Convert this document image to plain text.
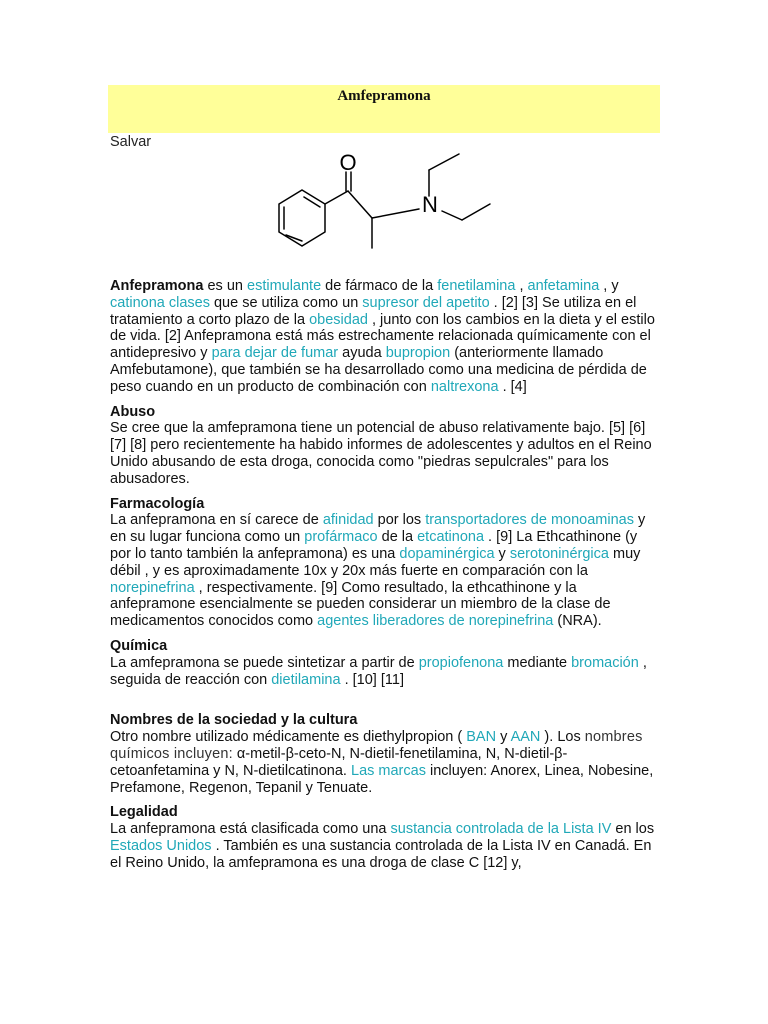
Amfepramona
Salvar
O
N

Anfepramona es un estimulante de fármaco de la fenetilamina , anfetamina , y catinona clases que se utiliza como un supresor del apetito . [2] [3] Se utiliza en el tratamiento a corto plazo de la obesidad , junto con los cambios en la dieta y el estilo de vida. [2] Anfepramona está más estrechamente relacionada químicamente con el antidepresivo y para dejar de fumar ayuda bupropion (anteriormente llamado Amfebutamone), que también se ha desarrollado como una medicina de pérdida de peso cuando en un producto de combinación con naltrexona . [4]

Abuso

Se cree que la amfepramona tiene un potencial de abuso relativamente bajo. [5] [6] [7] [8] pero recientemente ha habido informes de adolescentes y adultos en el Reino Unido abusando de esta droga, conocida como "piedras sepulcrales" para los abusadores.

Farmacología

La anfepramona en sí carece de afinidad por los transportadores de monoaminas y en su lugar funciona como un profármaco de la etcatinona . [9] La Ethcathinone (y por lo tanto también la anfepramona) es una dopaminérgica y serotoninérgica muy débil , y es aproximadamente 10x y 20x más fuerte en comparación con la norepinefrina , respectivamente. [9] Como resultado, la ethcathinone y la anfepramone esencialmente se pueden considerar un miembro de la clase de medicamentos conocidos como agentes liberadores de norepinefrina (NRA).

Química

La amfepramona se puede sintetizar a partir de propiofenona mediante bromación , seguida de reacción con dietilamina . [10] [11]

Nombres de la sociedad y la cultura

Otro nombre utilizado médicamente es diethylpropion ( BAN y AAN ). Los nombres químicos incluyen: α-metil-β-ceto-N, N-dietil-fenetilamina, N, N-dietil-β-cetoanfetamina y N, N-dietilcatinona. Las marcas incluyen: Anorex, Linea, Nobesine, Prefamone, Regenon, Tepanil y Tenuate.

Legalidad

La anfepramona está clasificada como una sustancia controlada de la Lista IV en los Estados Unidos . También es una sustancia controlada de la Lista IV en Canadá. En el Reino Unido, la amfepramona es una droga de clase C [12] y,
